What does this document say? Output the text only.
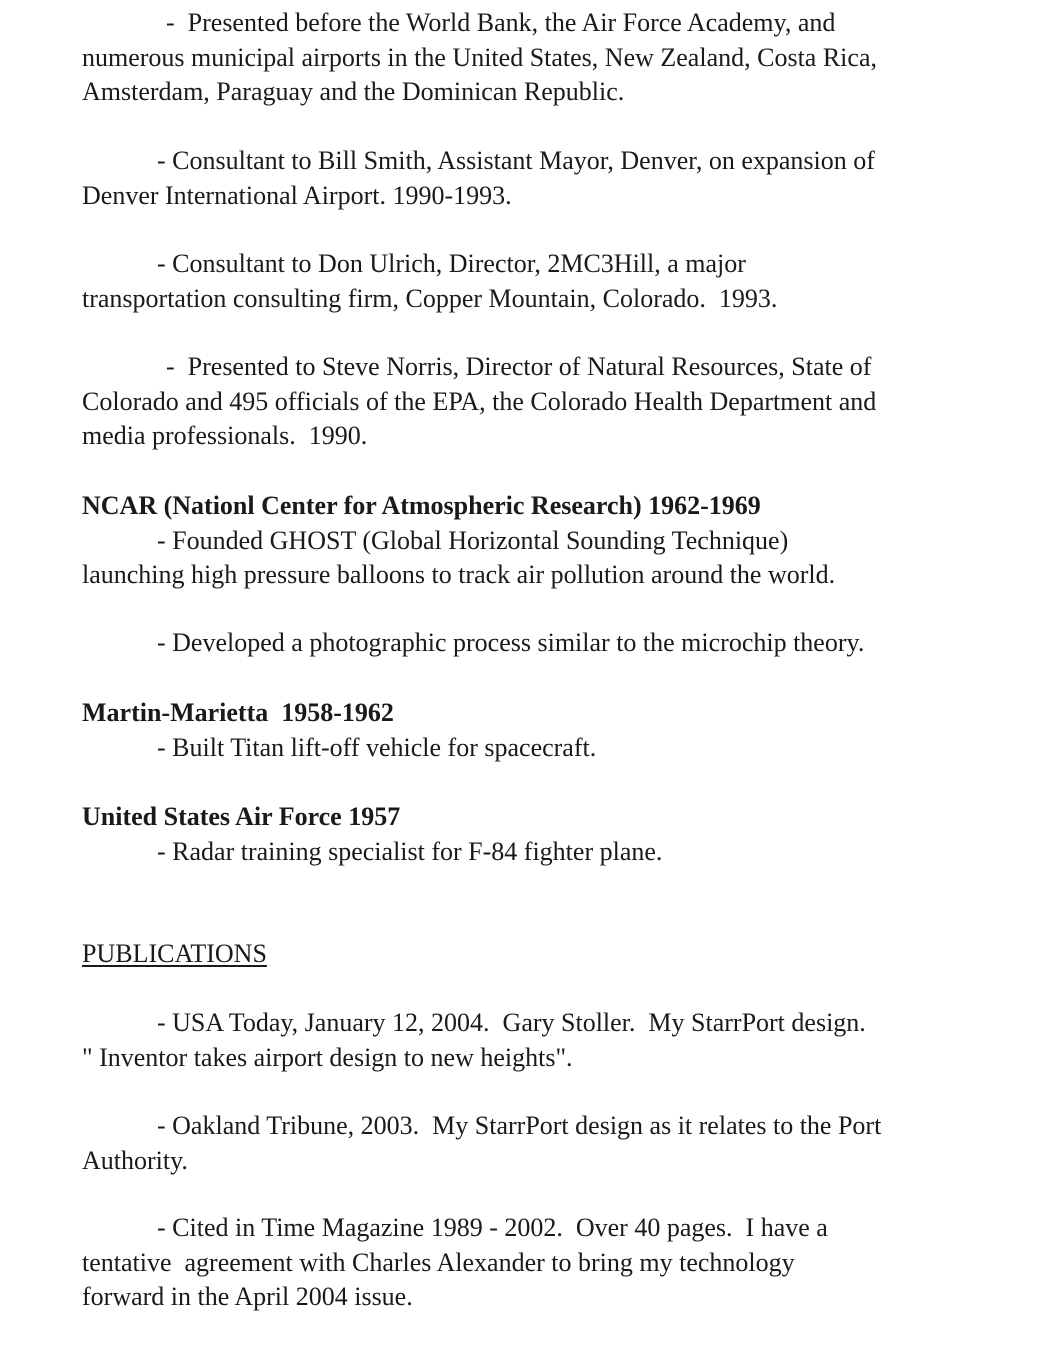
-  Presented before the World Bank, the Air Force Academy, and

numerous municipal airports in the United States, New Zealand, Costa Rica,

Amsterdam, Paraguay and the Dominican Republic.

- Consultant to Bill Smith, Assistant Mayor, Denver, on expansion of

Denver International Airport. 1990-1993.

- Consultant to Don Ulrich, Director, 2MC3Hill, a major

transportation consulting firm, Copper Mountain, Colorado.  1993.

-  Presented to Steve Norris, Director of Natural Resources, State of

Colorado and 495 officials of the EPA, the Colorado Health Department and

media professionals.  1990.

NCAR (Nationl Center for Atmospheric Research) 1962-1969

- Founded GHOST (Global Horizontal Sounding Technique)

launching high pressure balloons to track air pollution around the world.

- Developed a photographic process similar to the microchip theory.

Martin-Marietta  1958-1962

- Built Titan lift-off vehicle for spacecraft.

United States Air Force 1957

- Radar training specialist for F-84 fighter plane.

PUBLICATIONS

- USA Today, January 12, 2004.  Gary Stoller.  My StarrPort design.

" Inventor takes airport design to new heights".

- Oakland Tribune, 2003.  My StarrPort design as it relates to the Port

Authority.

- Cited in Time Magazine 1989 - 2002.  Over 40 pages.  I have a

tentative  agreement with Charles Alexander to bring my technology

forward in the April 2004 issue.
